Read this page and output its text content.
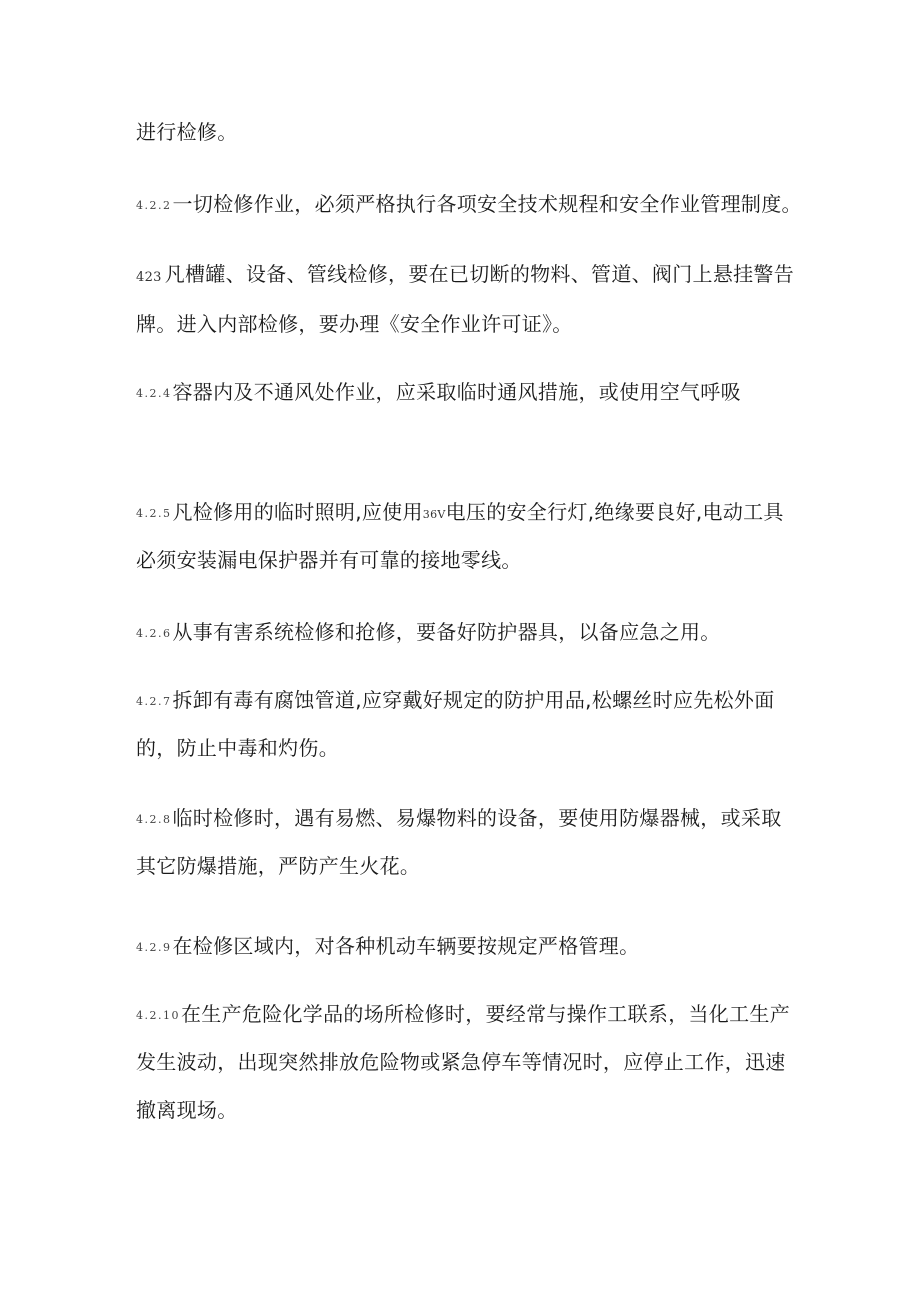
进行检修。
4.2.2一切检修作业，必须严格执行各项安全技术规程和安全作业管理制度。
423 凡槽罐、设备、管线检修，要在已切断的物料、管道、阀门上悬挂警告
牌。进入内部检修，要办理《安全作业许可证》。
4.2.4容器内及不通风处作业，应采取临时通风措施，或使用空气呼吸
4.2.5凡检修用的临时照明,应使用36V电压的安全行灯,绝缘要良好,电动工具
必须安装漏电保护器并有可靠的接地零线。
4.2.6从事有害系统检修和抢修，要备好防护器具，以备应急之用。
4.2.7拆卸有毒有腐蚀管道,应穿戴好规定的防护用品,松螺丝时应先松外面
的，防止中毒和灼伤。
4.2.8临时检修时，遇有易燃、易爆物料的设备，要使用防爆器械，或采取
其它防爆措施，严防产生火花。
4.2.9在检修区域内，对各种机动车辆要按规定严格管理。
4.2.10在生产危险化学品的场所检修时，要经常与操作工联系，当化工生产
发生波动，出现突然排放危险物或紧急停车等情况时，应停止工作，迅速
撤离现场。
